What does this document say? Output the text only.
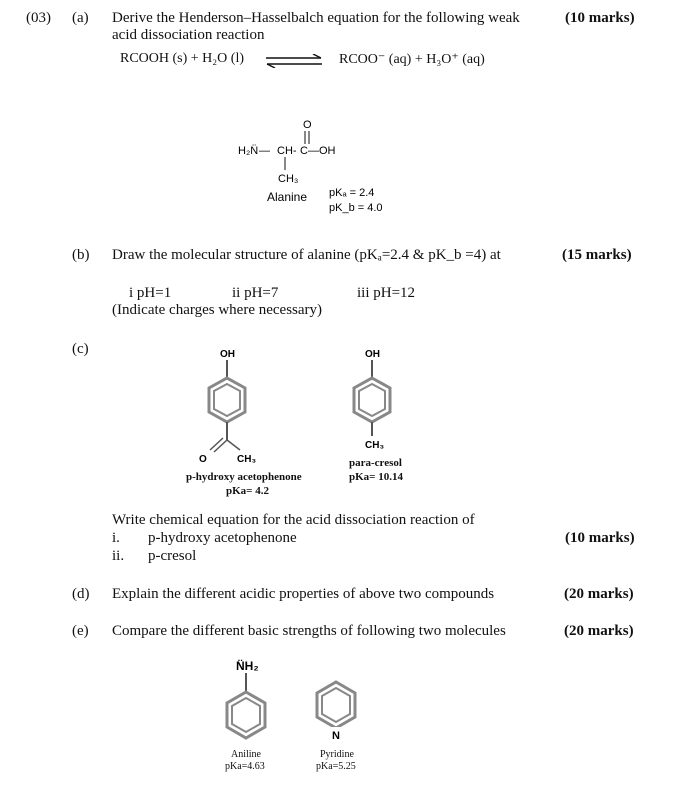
(03) (a) Derive the Henderson–Hasselbalch equation for the following weak	(10 marks)
acid dissociation reaction
RCOOH (s) + H₂O (l) ⇌ RCOO⁻ (aq) + H₃O⁺ (aq)
H₂N̈ — CH- C —OH
O
CH₃
Alanine pKₐ = 2.4
pK_b = 4.0
(b) Draw the molecular structure of alanine (pKₐ=2.4 & pK_b =4) at	(15 marks)
i pH=1	ii pH=7	iii pH=12
(Indicate charges where necessary)
(c)	OH
O	CH₃
p-hydroxy acetophenone
pKa= 4.2
OH
CH₃
para-cresol
pKa= 10.14
Write chemical equation for the acid dissociation reaction of
i. p-hydroxy acetophenone	(10 marks)
ii. p-cresol
(d) Explain the different acidic properties of above two compounds	(20 marks)
(e) Compare the different basic strengths of following two molecules	(20 marks)
N̈H₂
Aniline
pKa=4.63
N
Pyridine
pKa=5.25
